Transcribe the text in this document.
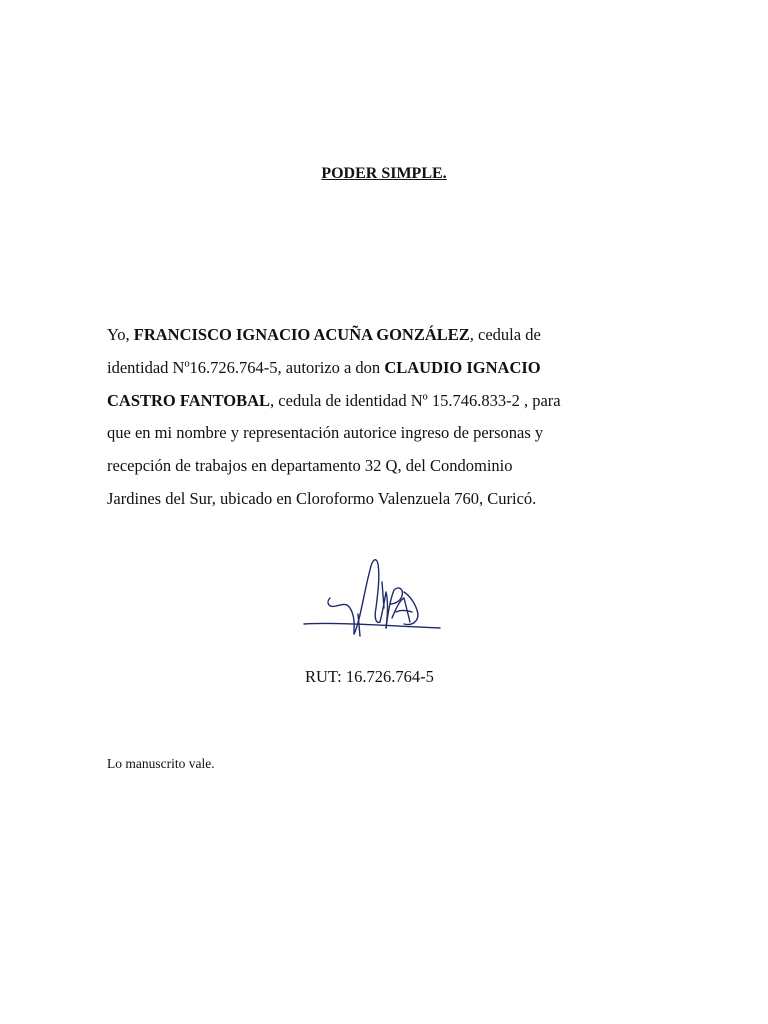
PODER SIMPLE.
Yo, FRANCISCO IGNACIO ACUÑA GONZÁLEZ, cedula de
identidad Nº16.726.764-5, autorizo a don CLAUDIO IGNACIO
CASTRO FANTOBAL, cedula de identidad Nº 15.746.833-2 , para
que en mi nombre y representación autorice ingreso de personas y
recepción de trabajos en departamento 32 Q, del Condominio
Jardines del Sur, ubicado en Cloroformo Valenzuela 760, Curicó.
RUT: 16.726.764-5
Lo manuscrito vale.
